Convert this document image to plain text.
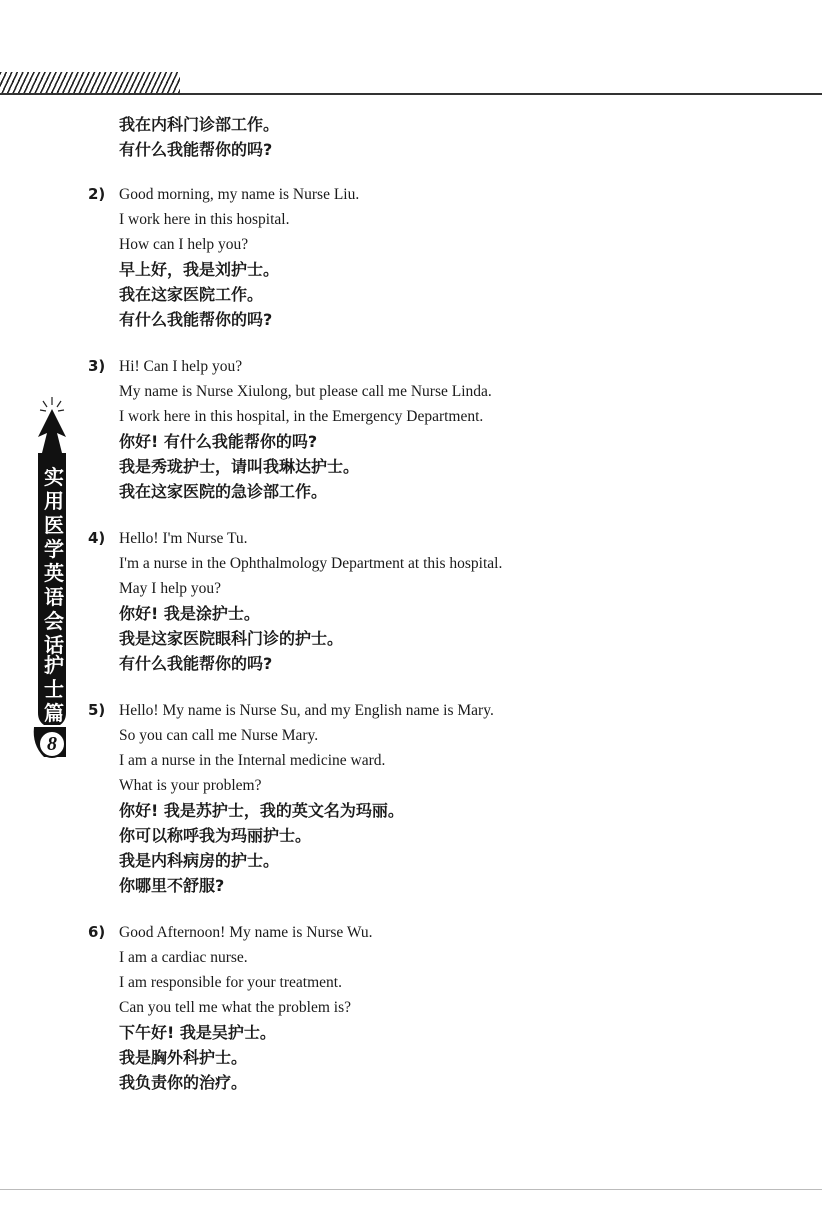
实用医学英语会话
护士篇
8
我在内科门诊部工作。
有什么我能帮你的吗?
2) Good morning, my name is Nurse Liu.
I work here in this hospital.
How can I help you?
早上好，我是刘护士。
我在这家医院工作。
有什么我能帮你的吗?
3) Hi! Can I help you?
My name is Nurse Xiulong, but please call me Nurse Linda.
I work here in this hospital, in the Emergency Department.
你好! 有什么我能帮你的吗?
我是秀珑护士，请叫我琳达护士。
我在这家医院的急诊部工作。
4) Hello! I'm Nurse Tu.
I'm a nurse in the Ophthalmology Department at this hospital.
May I help you?
你好! 我是涂护士。
我是这家医院眼科门诊的护士。
有什么我能帮你的吗?
5) Hello! My name is Nurse Su, and my English name is Mary.
So you can call me Nurse Mary.
I am a nurse in the Internal medicine ward.
What is your problem?
你好! 我是苏护士，我的英文名为玛丽。
你可以称呼我为玛丽护士。
我是内科病房的护士。
你哪里不舒服?
6) Good Afternoon! My name is Nurse Wu.
I am a cardiac nurse.
I am responsible for your treatment.
Can you tell me what the problem is?
下午好! 我是吴护士。
我是胸外科护士。
我负责你的治疗。
